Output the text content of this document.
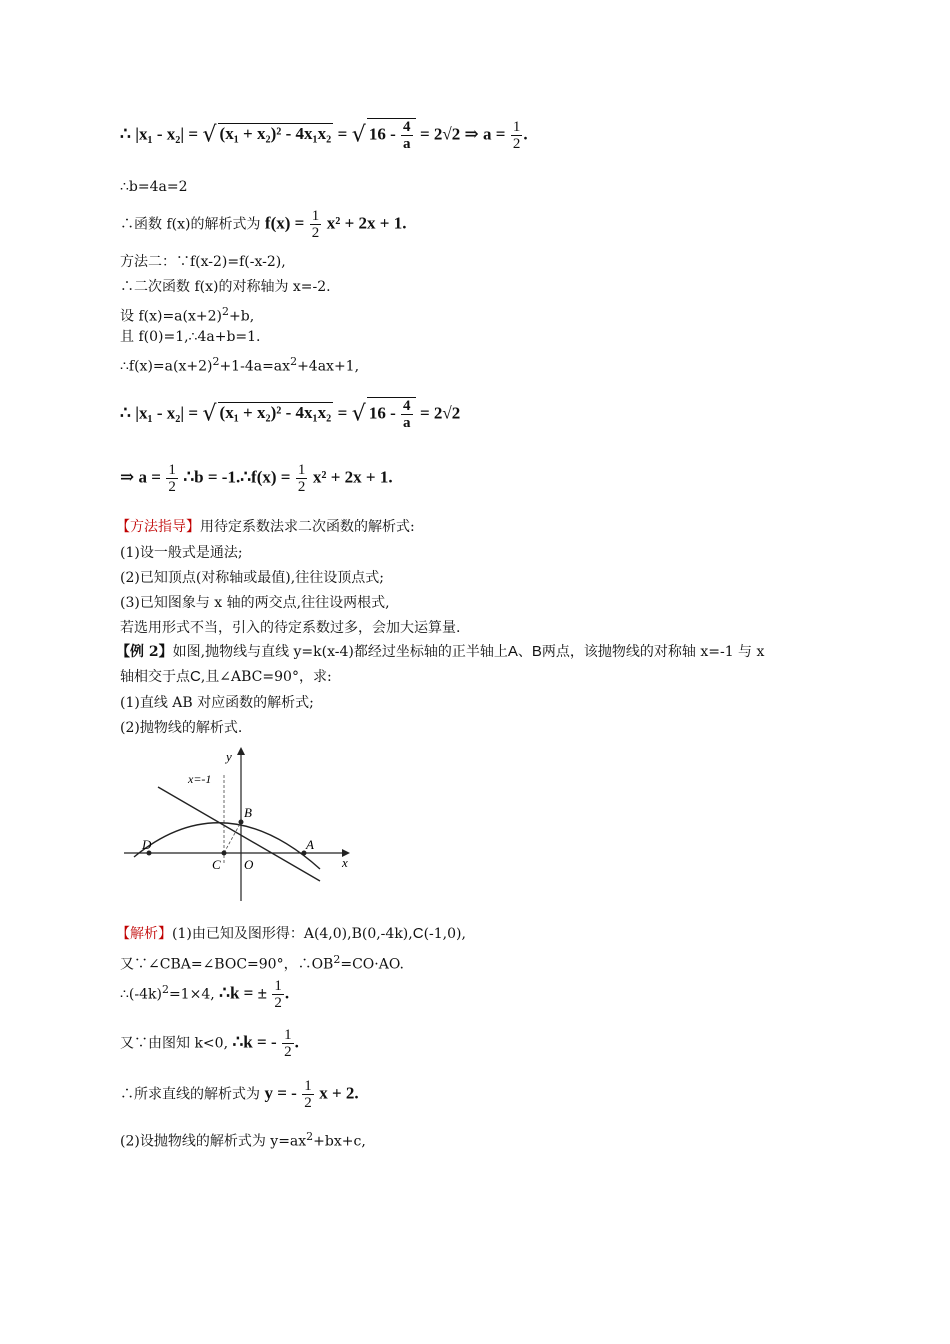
∴ |x₁ - x₂| = √ (x₁ + x₂)² - 4x₁x₂ = √ $16 - \frac{4}{a} = 2√2$ ⇒ $a = \frac{1}{2}$ .
∴b=4a=2
∴函数 f(x)的解析式为 $f(x) = \frac{1}{2} x^2 + 2x + 1$.
方法二：∵f(x-2)=f(-x-2),
∴二次函数 f(x)的对称轴为 x=-2.
设 $f(x)=a(x+2)^2+b$,
且 f(0)=1,∴4a+b=1.
$\therefore f(x)=a(x+2)^2+1-4a=ax^2+4ax+1$,
∴ |x₁ - x₂| = √ (x₁ + x₂)² - 4x₁x₂ = √ $16 - \frac{4}{a} = 2√2$
⇒ $a = \frac{1}{2}$ ∴b = -1.∴f(x) = $\frac{1}{2} x^2 + 2x + 1$.
【方法指导】用待定系数法求二次函数的解析式:
(1)设一般式是通法;
(2)已知顶点(对称轴或最值),往往设顶点式;
(3)已知图象与 x 轴的两交点,往往设两根式,
若选用形式不当，引入的待定系数过多，会加大运算量.
【例 2】如图,抛物线与直线 y=k(x-4)都经过坐标轴的正半轴上A、B两点，该抛物线的对称轴 x=-1 与 x
轴相交于点C,且∠ABC=90°，求:
(1)直线 AB 对应函数的解析式;
(2)抛物线的解析式.
x
y
x=-1
A
B
C
D
O
【解析】(1)由已知及图形得：A(4,0),B(0,-4k),C(-1,0),
又∵∠CBA=∠BOC=90°，$\therefore OB^2=CO\cdot AO$.
$\therefore(-4k)^2=1\times 4$, ∴k = ± $\frac{1}{2}$ .
又∵由图知 k<0, ∴k = - $\frac{1}{2}$ .
∴所求直线的解析式为 y = - $\frac{1}{2}$ x + 2.
(2)设抛物线的解析式为 $y=ax^2+bx+c$,
